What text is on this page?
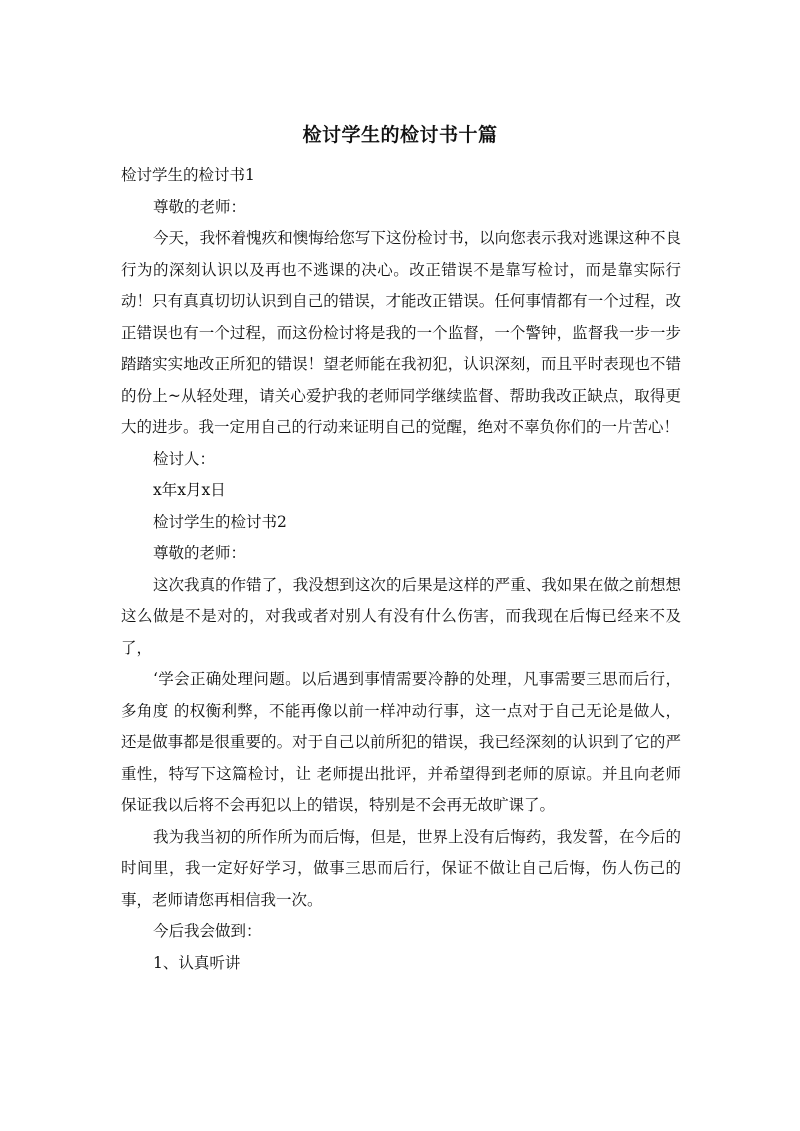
检讨学生的检讨书十篇

检讨学生的检讨书1

尊敬的老师：

今天，我怀着愧疚和懊悔给您写下这份检讨书，以向您表示我对逃课这种不良行为的深刻认识以及再也不逃课的决心。改正错误不是靠写检讨，而是靠实际行动！只有真真切切认识到自己的错误，才能改正错误。任何事情都有一个过程，改正错误也有一个过程，而这份检讨将是我的一个监督，一个警钟，监督我一步一步踏踏实实地改正所犯的错误！望老师能在我初犯，认识深刻，而且平时表现也不错的份上~从轻处理，请关心爱护我的老师同学继续监督、帮助我改正缺点，取得更大的进步。我一定用自己的行动来证明自己的觉醒，绝对不辜负你们的一片苦心！

检讨人：

x年x月x日

检讨学生的检讨书2

尊敬的老师：

这次我真的作错了，我没想到这次的后果是这样的严重、我如果在做之前想想这么做是不是对的，对我或者对别人有没有什么伤害，而我现在后悔已经来不及了，

‘学会正确处理问题。以后遇到事情需要冷静的处理，凡事需要三思而后行，多角度 的权衡利弊，不能再像以前一样冲动行事，这一点对于自己无论是做人，还是做事都是很重要的。对于自己以前所犯的错误，我已经深刻的认识到了它的严重性，特写下这篇检讨，让 老师提出批评，并希望得到老师的原谅。并且向老师保证我以后将不会再犯以上的错误，特别是不会再无故旷课了。

我为我当初的所作所为而后悔，但是，世界上没有后悔药，我发誓，在今后的时间里，我一定好好学习，做事三思而后行，保证不做让自己后悔，伤人伤己的事，老师请您再相信我一次。

今后我会做到：

1、认真听讲
